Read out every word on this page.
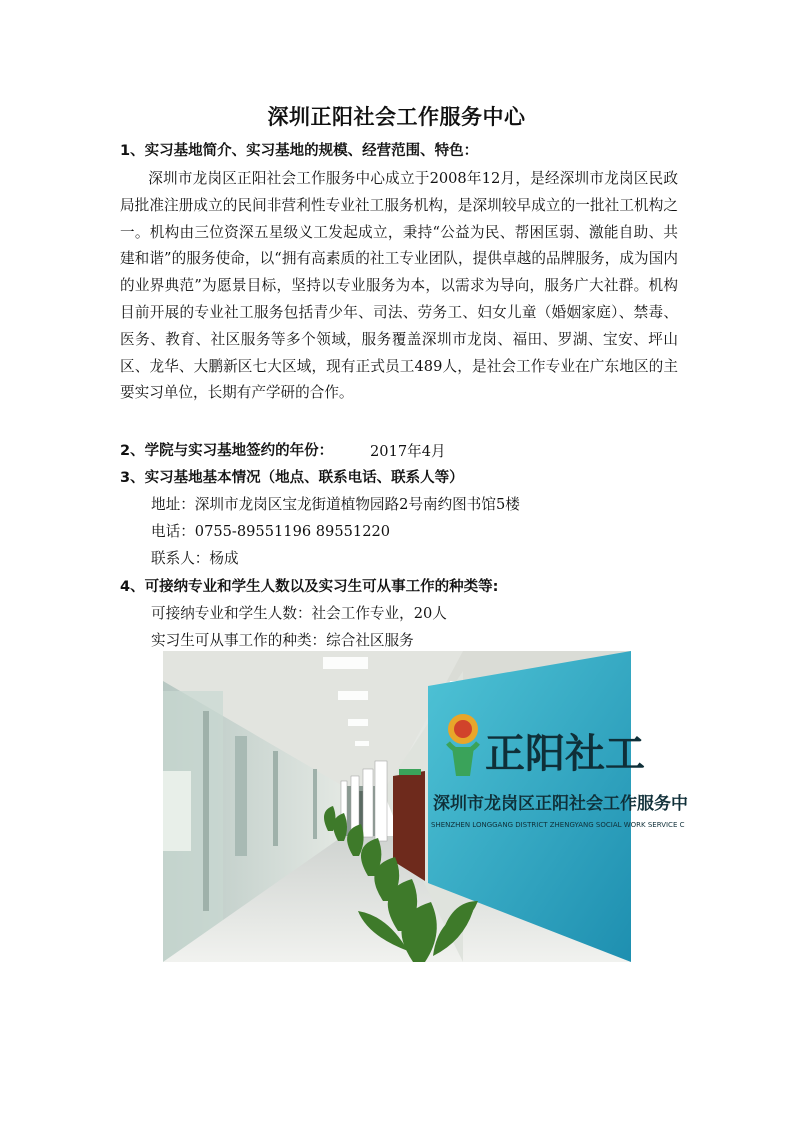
深圳正阳社会工作服务中心
1、实习基地简介、实习基地的规模、经营范围、特色：
深圳市龙岗区正阳社会工作服务中心成立于2008年12月，是经深圳市龙岗区民政局批准注册成立的民间非营利性专业社工服务机构，是深圳较早成立的一批社工机构之一。机构由三位资深五星级义工发起成立，秉持“公益为民、帮困匡弱、激能自助、共建和谐”的服务使命，以“拥有高素质的社工专业团队，提供卓越的品牌服务，成为国内的业界典范”为愿景目标，坚持以专业服务为本，以需求为导向，服务广大社群。机构目前开展的专业社工服务包括青少年、司法、劳务工、妇女儿童（婚姻家庭）、禁毒、医务、教育、社区服务等多个领域，服务覆盖深圳市龙岗、福田、罗湖、宝安、坪山区、龙华、大鹏新区七大区域，现有正式员工489人，是社会工作专业在广东地区的主要实习单位，长期有产学研的合作。
2、学院与实习基地签约的年份：	2017年4月
3、实习基地基本情况（地点、联系电话、联系人等）
地址：深圳市龙岗区宝龙街道植物园路2号南约图书馆5楼
电话：0755-89551196 89551220
联系人：杨成
4、可接纳专业和学生人数以及实习生可从事工作的种类等:
可接纳专业和学生人数：社会工作专业，20人
实习生可从事工作的种类：综合社区服务
正阳社工
深圳市龙岗区正阳社会工作服务中
SHENZHEN LONGGANG DISTRICT ZHENGYANG SOCIAL WORK SERVICE C
